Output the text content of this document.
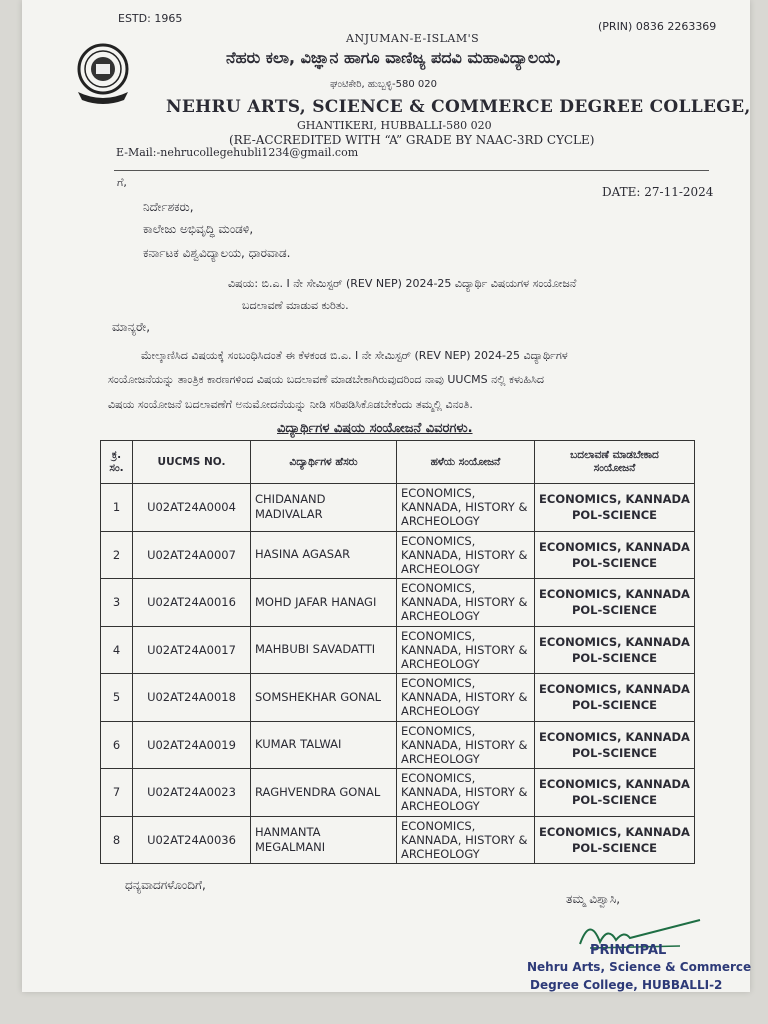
ESTD: 1965
(PRIN) 0836 2263369
ANJUMAN-E-ISLAM'S
ನೆಹರು ಕಲಾ, ವಿಜ್ಞಾನ ಹಾಗೂ ವಾಣಿಜ್ಯ ಪದವಿ ಮಹಾವಿದ್ಯಾಲಯ,
ಘಂಟಿಕೇರಿ, ಹುಬ್ಬಳ್ಳಿ-580 020
NEHRU ARTS, SCIENCE & COMMERCE DEGREE COLLEGE,
GHANTIKERI, HUBBALLI-580 020
(RE-ACCREDITED WITH “A” GRADE BY NAAC-3RD CYCLE)
E-Mail:-nehrucollegehubli1234@gmail.com
ಗೆ,
DATE: 27-11-2024
ನಿರ್ದೇಶಕರು,
ಕಾಲೇಜು ಅಭಿವೃದ್ಧಿ ಮಂಡಳಿ,
ಕರ್ನಾಟಕ ವಿಶ್ವವಿದ್ಯಾಲಯ, ಧಾರವಾಡ.
ವಿಷಯ: ಬಿ.ಎ. I ನೇ ಸೇಮಿಸ್ಟರ್ (REV NEP) 2024-25 ವಿದ್ಯಾರ್ಥಿ ವಿಷಯಗಳ ಸಂಯೋಜನೆ
ಬದಲಾವಣೆ ಮಾಡುವ ಕುರಿತು.
ಮಾನ್ಯರೇ,
ಮೇಲ್ಕಾಣಿಸಿದ ವಿಷಯಕ್ಕೆ ಸಂಬಂಧಿಸಿದಂತೆ ಈ ಕೆಳಕಂಡ ಬಿ.ಎ. I ನೇ ಸೇಮಿಸ್ಟರ್ (REV NEP) 2024-25 ವಿದ್ಯಾರ್ಥಿಗಳ
ಸಂಯೋಜನೆಯನ್ನು ತಾಂತ್ರಿಕ ಕಾರಣಗಳಿಂದ ವಿಷಯ ಬದಲಾವಣೆ ಮಾಡಬೇಕಾಗಿರುವುದರಿಂದ ನಾವು UUCMS ನಲ್ಲಿ ಕಳುಹಿಸಿದ
ವಿಷಯ ಸಂಯೋಜನೆ ಬದಲಾವಣೆಗೆ ಅನುಮೋದನೆಯನ್ನು ನೀಡಿ ಸರಿಪಡಿಸಿಕೊಡಬೇಕೆಂದು ತಮ್ಮಲ್ಲಿ ವಿನಂತಿ.
ವಿದ್ಯಾರ್ಥಿಗಳ ವಿಷಯ ಸಂಯೋಜನೆ ವಿವರಗಳು.
ಕ್ರ.
ಸಂ.	UUCMS NO.	ವಿದ್ಯಾರ್ಥಿಗಳ ಹೆಸರು	ಹಳೆಯ ಸಂಯೋಜನೆ	ಬದಲಾವಣೆ ಮಾಡಬೇಕಾದ
ಸಂಯೋಜನೆ
1	U02AT24A0004	CHIDANAND
MADIVALAR	ECONOMICS,
KANNADA, HISTORY &
ARCHEOLOGY	ECONOMICS, KANNADA
POL-SCIENCE
2	U02AT24A0007	HASINA AGASAR	ECONOMICS,
KANNADA, HISTORY &
ARCHEOLOGY	ECONOMICS, KANNADA
POL-SCIENCE
3	U02AT24A0016	MOHD JAFAR HANAGI	ECONOMICS,
KANNADA, HISTORY &
ARCHEOLOGY	ECONOMICS, KANNADA
POL-SCIENCE
4	U02AT24A0017	MAHBUBI SAVADATTI	ECONOMICS,
KANNADA, HISTORY &
ARCHEOLOGY	ECONOMICS, KANNADA
POL-SCIENCE
5	U02AT24A0018	SOMSHEKHAR GONAL	ECONOMICS,
KANNADA, HISTORY &
ARCHEOLOGY	ECONOMICS, KANNADA
POL-SCIENCE
6	U02AT24A0019	KUMAR TALWAI	ECONOMICS,
KANNADA, HISTORY &
ARCHEOLOGY	ECONOMICS, KANNADA
POL-SCIENCE
7	U02AT24A0023	RAGHVENDRA GONAL	ECONOMICS,
KANNADA, HISTORY &
ARCHEOLOGY	ECONOMICS, KANNADA
POL-SCIENCE
8	U02AT24A0036	HANMANTA
MEGALMANI	ECONOMICS,
KANNADA, HISTORY &
ARCHEOLOGY	ECONOMICS, KANNADA
POL-SCIENCE
ಧನ್ಯವಾದಗಳೊಂದಿಗೆ,
ತಮ್ಮ ವಿಶ್ವಾಸಿ,
PRINCIPAL
Nehru Arts, Science & Commerce
Degree College, HUBBALLI-2
